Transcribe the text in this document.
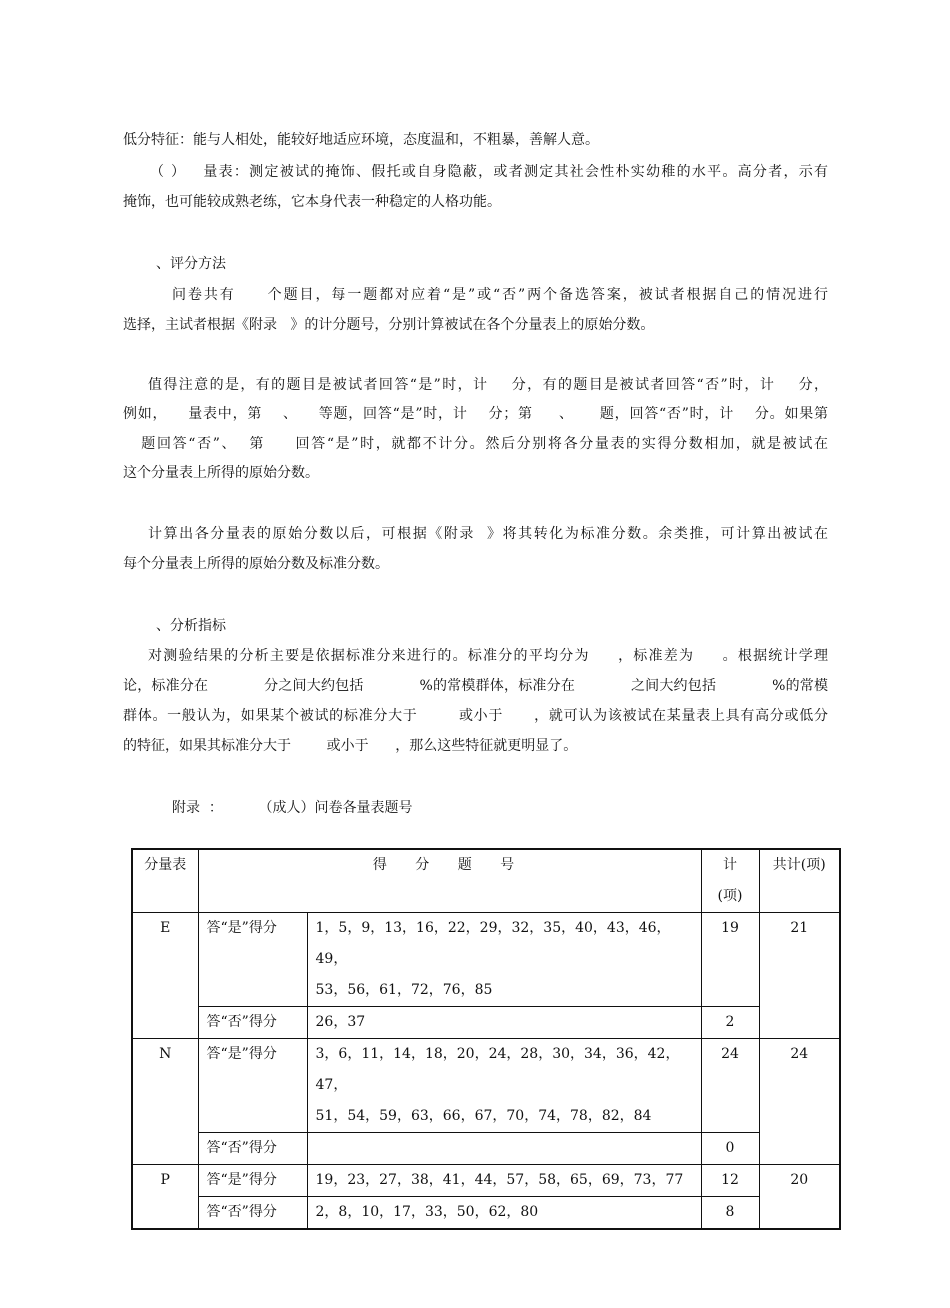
低分特征：能与人相处，能较好地适应环境，态度温和，不粗暴，善解人意。
（ ）   量表：测定被试的掩饰、假托或自身隐蔽，或者测定其社会性朴实幼稚的水平。高分者，示有
掩饰，也可能较成熟老练，它本身代表一种稳定的人格功能。
、评分方法
问卷共有     个题目，每一题都对应着“是”或“否”两个备选答案，被试者根据自己的情况进行
选择，主试者根据《附录   》的计分题号，分别计算被试在各个分量表上的原始分数。
值得注意的是，有的题目是被试者回答“是”时，计    分，有的题目是被试者回答“否”时，计    分，
例如，    量表中，第    、    等题，回答“是”时，计    分；第     、     题，回答“否”时，计    分。如果第
题回答“否”、  第     回答“是”时，就都不计分。然后分别将各分量表的实得分数相加，就是被试在
这个分量表上所得的原始分数。
计算出各分量表的原始分数以后，可根据《附录  》将其转化为标准分数。余类推，可计算出被试在
每个分量表上所得的原始分数及标准分数。
、分析指标
对测验结果的分析主要是依据标准分来进行的。标准分的平均分为     ，标准差为     。根据统计学理
论，标准分在            分之间大约包括            %的常模群体，标准分在            之间大约包括            %的常模
群体。一般认为，如果某个被试的标准分大于        或小于      ，就可认为该被试在某量表上具有高分或低分
的特征，如果其标准分大于        或小于      ，那么这些特征就更明显了。
附录  ：        （成人）问卷各量表题号
分量表	得 分 题 号		计
(项)	共计(项)
E	答“是”得分	1，5，9，13，16，22，29，32，35，40，43，46，49，
53，56，61，72，76，85	19	21
	答“否”得分	26，37	2	
N	答“是”得分	3，6，11，14，18，20，24，28，30，34，36，42，47，
51，54，59，63，66，67，70，74，78，82，84	24	24
	答“否”得分		0	
P	答“是”得分	19，23，27，38，41，44，57，58，65，69，73，77	12	20
	答“否”得分	2，8，10，17，33，50，62，80	8	
